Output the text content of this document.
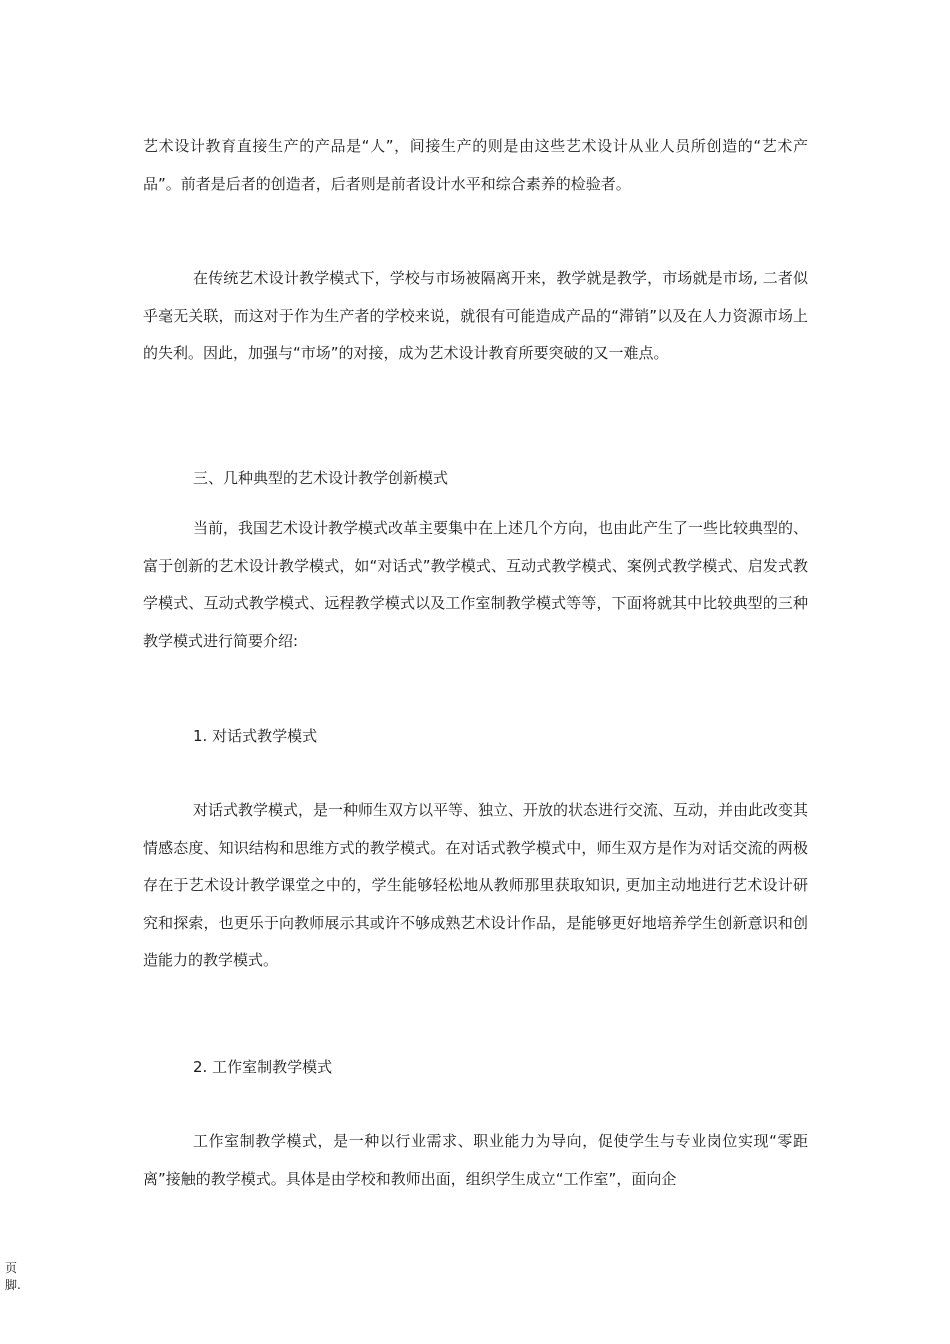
艺术设计教育直接生产的产品是“人”，间接生产的则是由这些艺术设计从业人员所创造的“艺术产品”。前者是后者的创造者，后者则是前者设计水平和综合素养的检验者。

在传统艺术设计教学模式下，学校与市场被隔离开来，教学就是教学，市场就是市场, 二者似乎毫无关联，而这对于作为生产者的学校来说，就很有可能造成产品的“滞销”以及在人力资源市场上的失利。因此，加强与“市场”的对接，成为艺术设计教育所要突破的又一难点。

三、几种典型的艺术设计教学创新模式

当前，我国艺术设计教学模式改革主要集中在上述几个方向，也由此产生了一些比较典型的、富于创新的艺术设计教学模式，如“对话式”教学模式、互动式教学模式、案例式教学模式、启发式教学模式、互动式教学模式、远程教学模式以及工作室制教学模式等等，下面将就其中比较典型的三种教学模式进行简要介绍:

1. 对话式教学模式

对话式教学模式，是一种师生双方以平等、独立、开放的状态进行交流、互动，并由此改变其情感态度、知识结构和思维方式的教学模式。在对话式教学模式中，师生双方是作为对话交流的两极存在于艺术设计教学课堂之中的，学生能够轻松地从教师那里获取知识, 更加主动地进行艺术设计研究和探索，也更乐于向教师展示其或许不够成熟艺术设计作品，是能够更好地培养学生创新意识和创造能力的教学模式。

2. 工作室制教学模式

工作室制教学模式，是一种以行业需求、职业能力为导向，促使学生与专业岗位实现“零距离”接触的教学模式。具体是由学校和教师出面，组织学生成立“工作室”，面向企

页脚.
